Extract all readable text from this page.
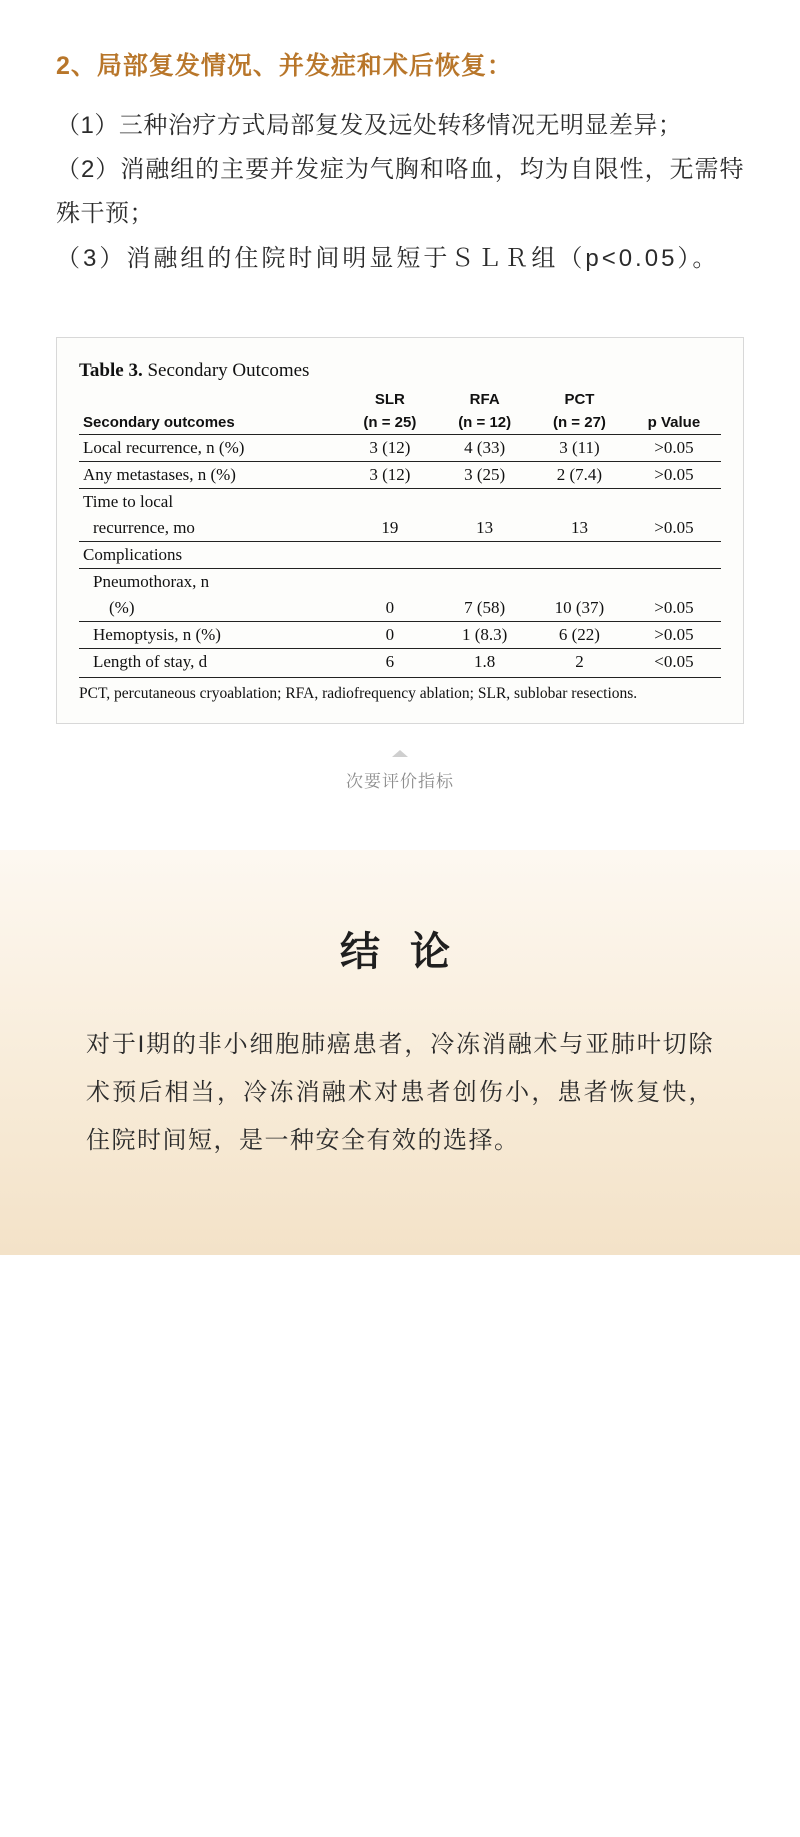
2、局部复发情况、并发症和术后恢复：

（1）三种治疗方式局部复发及远处转移情况无明显差异；

（2）消融组的主要并发症为气胸和咯血，均为自限性，无需特殊干预；

（3）消融组的住院时间明显短于ＳＬＲ组（p<0.05）。

Table 3. Secondary Outcomes
	SLR	RFA	PCT	
Secondary outcomes	(n = 25)	(n = 12)	(n = 27)	p Value
Local recurrence, n (%)	3 (12)	4 (33)	3 (11)	>0.05
Any metastases, n (%)	3 (12)	3 (25)	2 (7.4)	>0.05
Time to local				
recurrence, mo	19	13	13	>0.05
Complications				
Pneumothorax, n				
(%)	0	7 (58)	10 (37)	>0.05
Hemoptysis, n (%)	0	1 (8.3)	6 (22)	>0.05
Length of stay, d	6	1.8	2	<0.05
PCT, percutaneous cryoablation; RFA, radiofrequency ablation; SLR, sublobar resections.
次要评价指标
结 论
对于I期的非小细胞肺癌患者，冷冻消融术与亚肺叶切除术预后相当，冷冻消融术对患者创伤小，患者恢复快，住院时间短，是一种安全有效的选择。
